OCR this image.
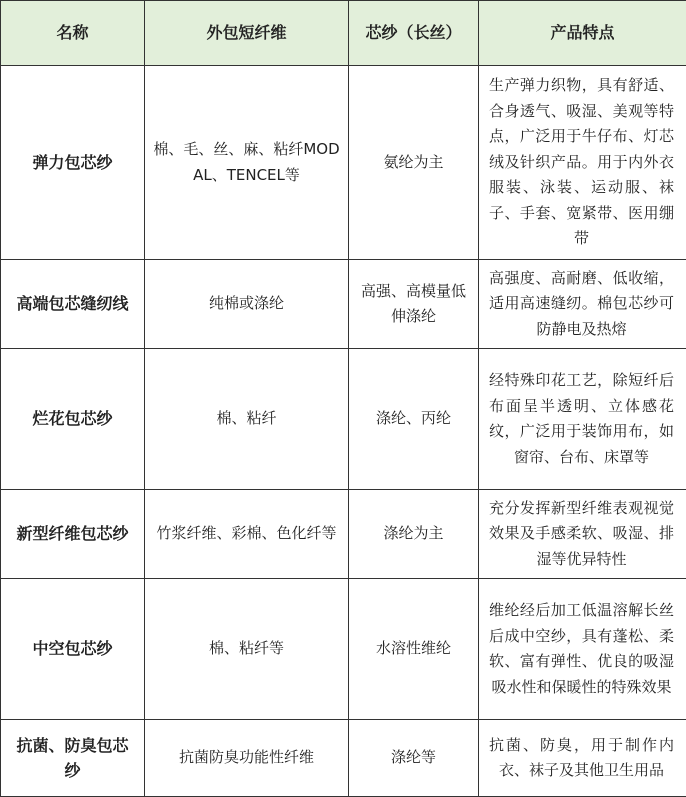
名称	外包短纤维	芯纱（长丝）	产品特点
弹力包芯纱	棉、毛、丝、麻、粘纤MODAL、TENCEL等	氨纶为主	生产弹力织物，具有舒适、合身透气、吸湿、美观等特点，广泛用于牛仔布、灯芯绒及针织产品。用于内外衣服装、泳装、运动服、袜子、手套、宽紧带、医用绷带
高端包芯缝纫线	纯棉或涤纶	高强、高模量低伸涤纶	高强度、高耐磨、低收缩，适用高速缝纫。棉包芯纱可防静电及热熔
烂花包芯纱	棉、粘纤	涤纶、丙纶	经特殊印花工艺，除短纤后布面呈半透明、立体感花纹，广泛用于装饰用布，如窗帘、台布、床罩等
新型纤维包芯纱	竹浆纤维、彩棉、色化纤等	涤纶为主	充分发挥新型纤维表观视觉效果及手感柔软、吸湿、排湿等优异特性
中空包芯纱	棉、粘纤等	水溶性维纶	维纶经后加工低温溶解长丝后成中空纱，具有蓬松、柔软、富有弹性、优良的吸湿吸水性和保暖性的特殊效果
抗菌、防臭包芯纱	抗菌防臭功能性纤维	涤纶等	抗菌、防臭，用于制作内衣、袜子及其他卫生用品
